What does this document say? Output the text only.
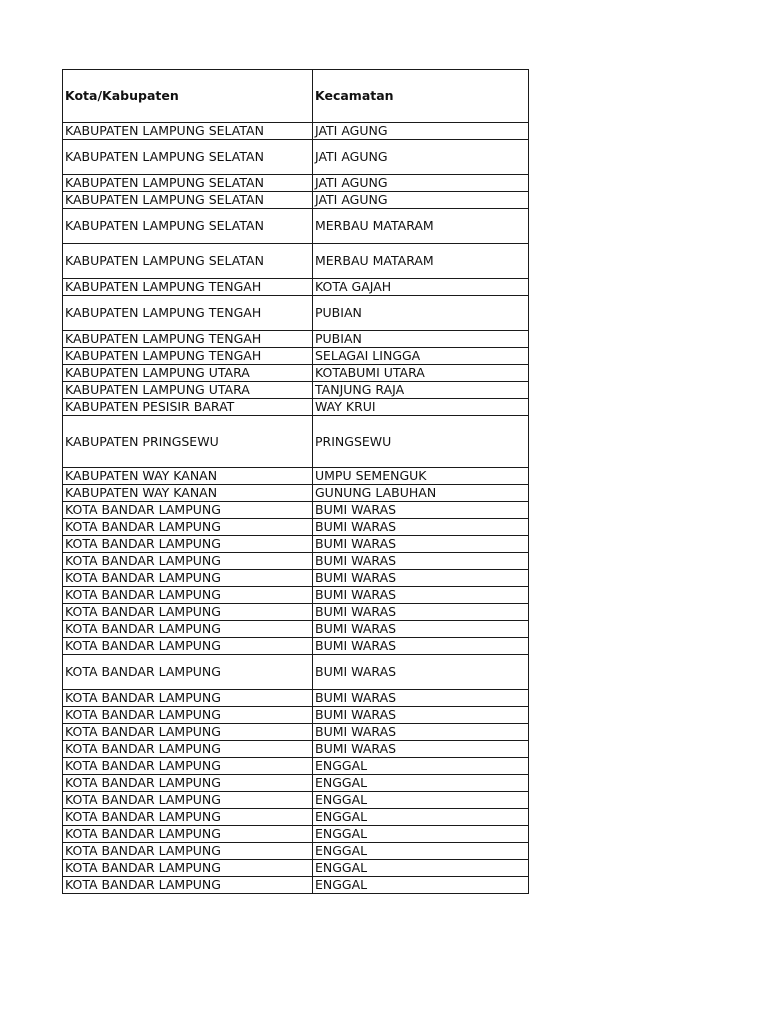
Kota/Kabupaten	Kecamatan
KABUPATEN LAMPUNG SELATAN	JATI AGUNG
KABUPATEN LAMPUNG SELATAN	JATI AGUNG
KABUPATEN LAMPUNG SELATAN	JATI AGUNG
KABUPATEN LAMPUNG SELATAN	JATI AGUNG
KABUPATEN LAMPUNG SELATAN	MERBAU MATARAM
KABUPATEN LAMPUNG SELATAN	MERBAU MATARAM
KABUPATEN LAMPUNG TENGAH	KOTA GAJAH
KABUPATEN LAMPUNG TENGAH	PUBIAN
KABUPATEN LAMPUNG TENGAH	PUBIAN
KABUPATEN LAMPUNG TENGAH	SELAGAI LINGGA
KABUPATEN LAMPUNG UTARA	KOTABUMI UTARA
KABUPATEN LAMPUNG UTARA	TANJUNG RAJA
KABUPATEN PESISIR BARAT	WAY KRUI
KABUPATEN PRINGSEWU	PRINGSEWU
KABUPATEN WAY KANAN	UMPU SEMENGUK
KABUPATEN WAY KANAN	GUNUNG LABUHAN
KOTA BANDAR LAMPUNG	BUMI WARAS
KOTA BANDAR LAMPUNG	BUMI WARAS
KOTA BANDAR LAMPUNG	BUMI WARAS
KOTA BANDAR LAMPUNG	BUMI WARAS
KOTA BANDAR LAMPUNG	BUMI WARAS
KOTA BANDAR LAMPUNG	BUMI WARAS
KOTA BANDAR LAMPUNG	BUMI WARAS
KOTA BANDAR LAMPUNG	BUMI WARAS
KOTA BANDAR LAMPUNG	BUMI WARAS
KOTA BANDAR LAMPUNG	BUMI WARAS
KOTA BANDAR LAMPUNG	BUMI WARAS
KOTA BANDAR LAMPUNG	BUMI WARAS
KOTA BANDAR LAMPUNG	BUMI WARAS
KOTA BANDAR LAMPUNG	BUMI WARAS
KOTA BANDAR LAMPUNG	ENGGAL
KOTA BANDAR LAMPUNG	ENGGAL
KOTA BANDAR LAMPUNG	ENGGAL
KOTA BANDAR LAMPUNG	ENGGAL
KOTA BANDAR LAMPUNG	ENGGAL
KOTA BANDAR LAMPUNG	ENGGAL
KOTA BANDAR LAMPUNG	ENGGAL
KOTA BANDAR LAMPUNG	ENGGAL
